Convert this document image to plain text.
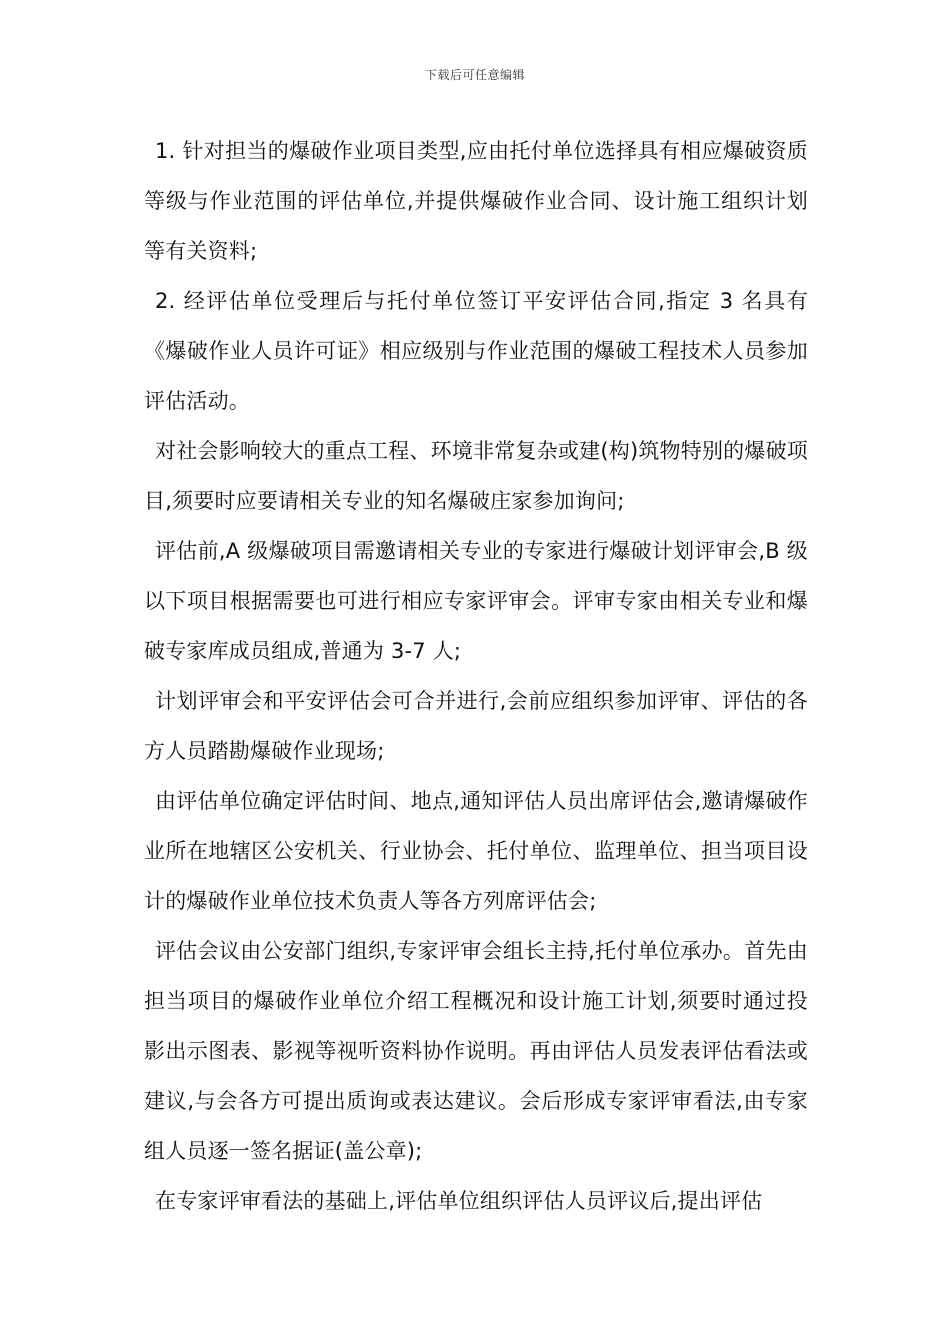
下载后可任意编辑

1. 针对担当的爆破作业项目类型,应由托付单位选择具有相应爆破资质等级与作业范围的评估单位,并提供爆破作业合同、设计施工组织计划等有关资料;

2. 经评估单位受理后与托付单位签订平安评估合同,指定 3 名具有《爆破作业人员许可证》相应级别与作业范围的爆破工程技术人员参加评估活动。

对社会影响较大的重点工程、环境非常复杂或建(构)筑物特别的爆破项目,须要时应要请相关专业的知名爆破庄家参加询问;

评估前,A 级爆破项目需邀请相关专业的专家进行爆破计划评审会,B 级以下项目根据需要也可进行相应专家评审会。评审专家由相关专业和爆破专家库成员组成,普通为 3-7 人;

计划评审会和平安评估会可合并进行,会前应组织参加评审、评估的各方人员踏勘爆破作业现场;

由评估单位确定评估时间、地点,通知评估人员出席评估会,邀请爆破作业所在地辖区公安机关、行业协会、托付单位、监理单位、担当项目设计的爆破作业单位技术负责人等各方列席评估会;

评估会议由公安部门组织,专家评审会组长主持,托付单位承办。首先由担当项目的爆破作业单位介绍工程概况和设计施工计划,须要时通过投影出示图表、影视等视听资料协作说明。再由评估人员发表评估看法或建议,与会各方可提出质询或表达建议。会后形成专家评审看法,由专家组人员逐一签名据证(盖公章);

在专家评审看法的基础上,评估单位组织评估人员评议后,提出评估
